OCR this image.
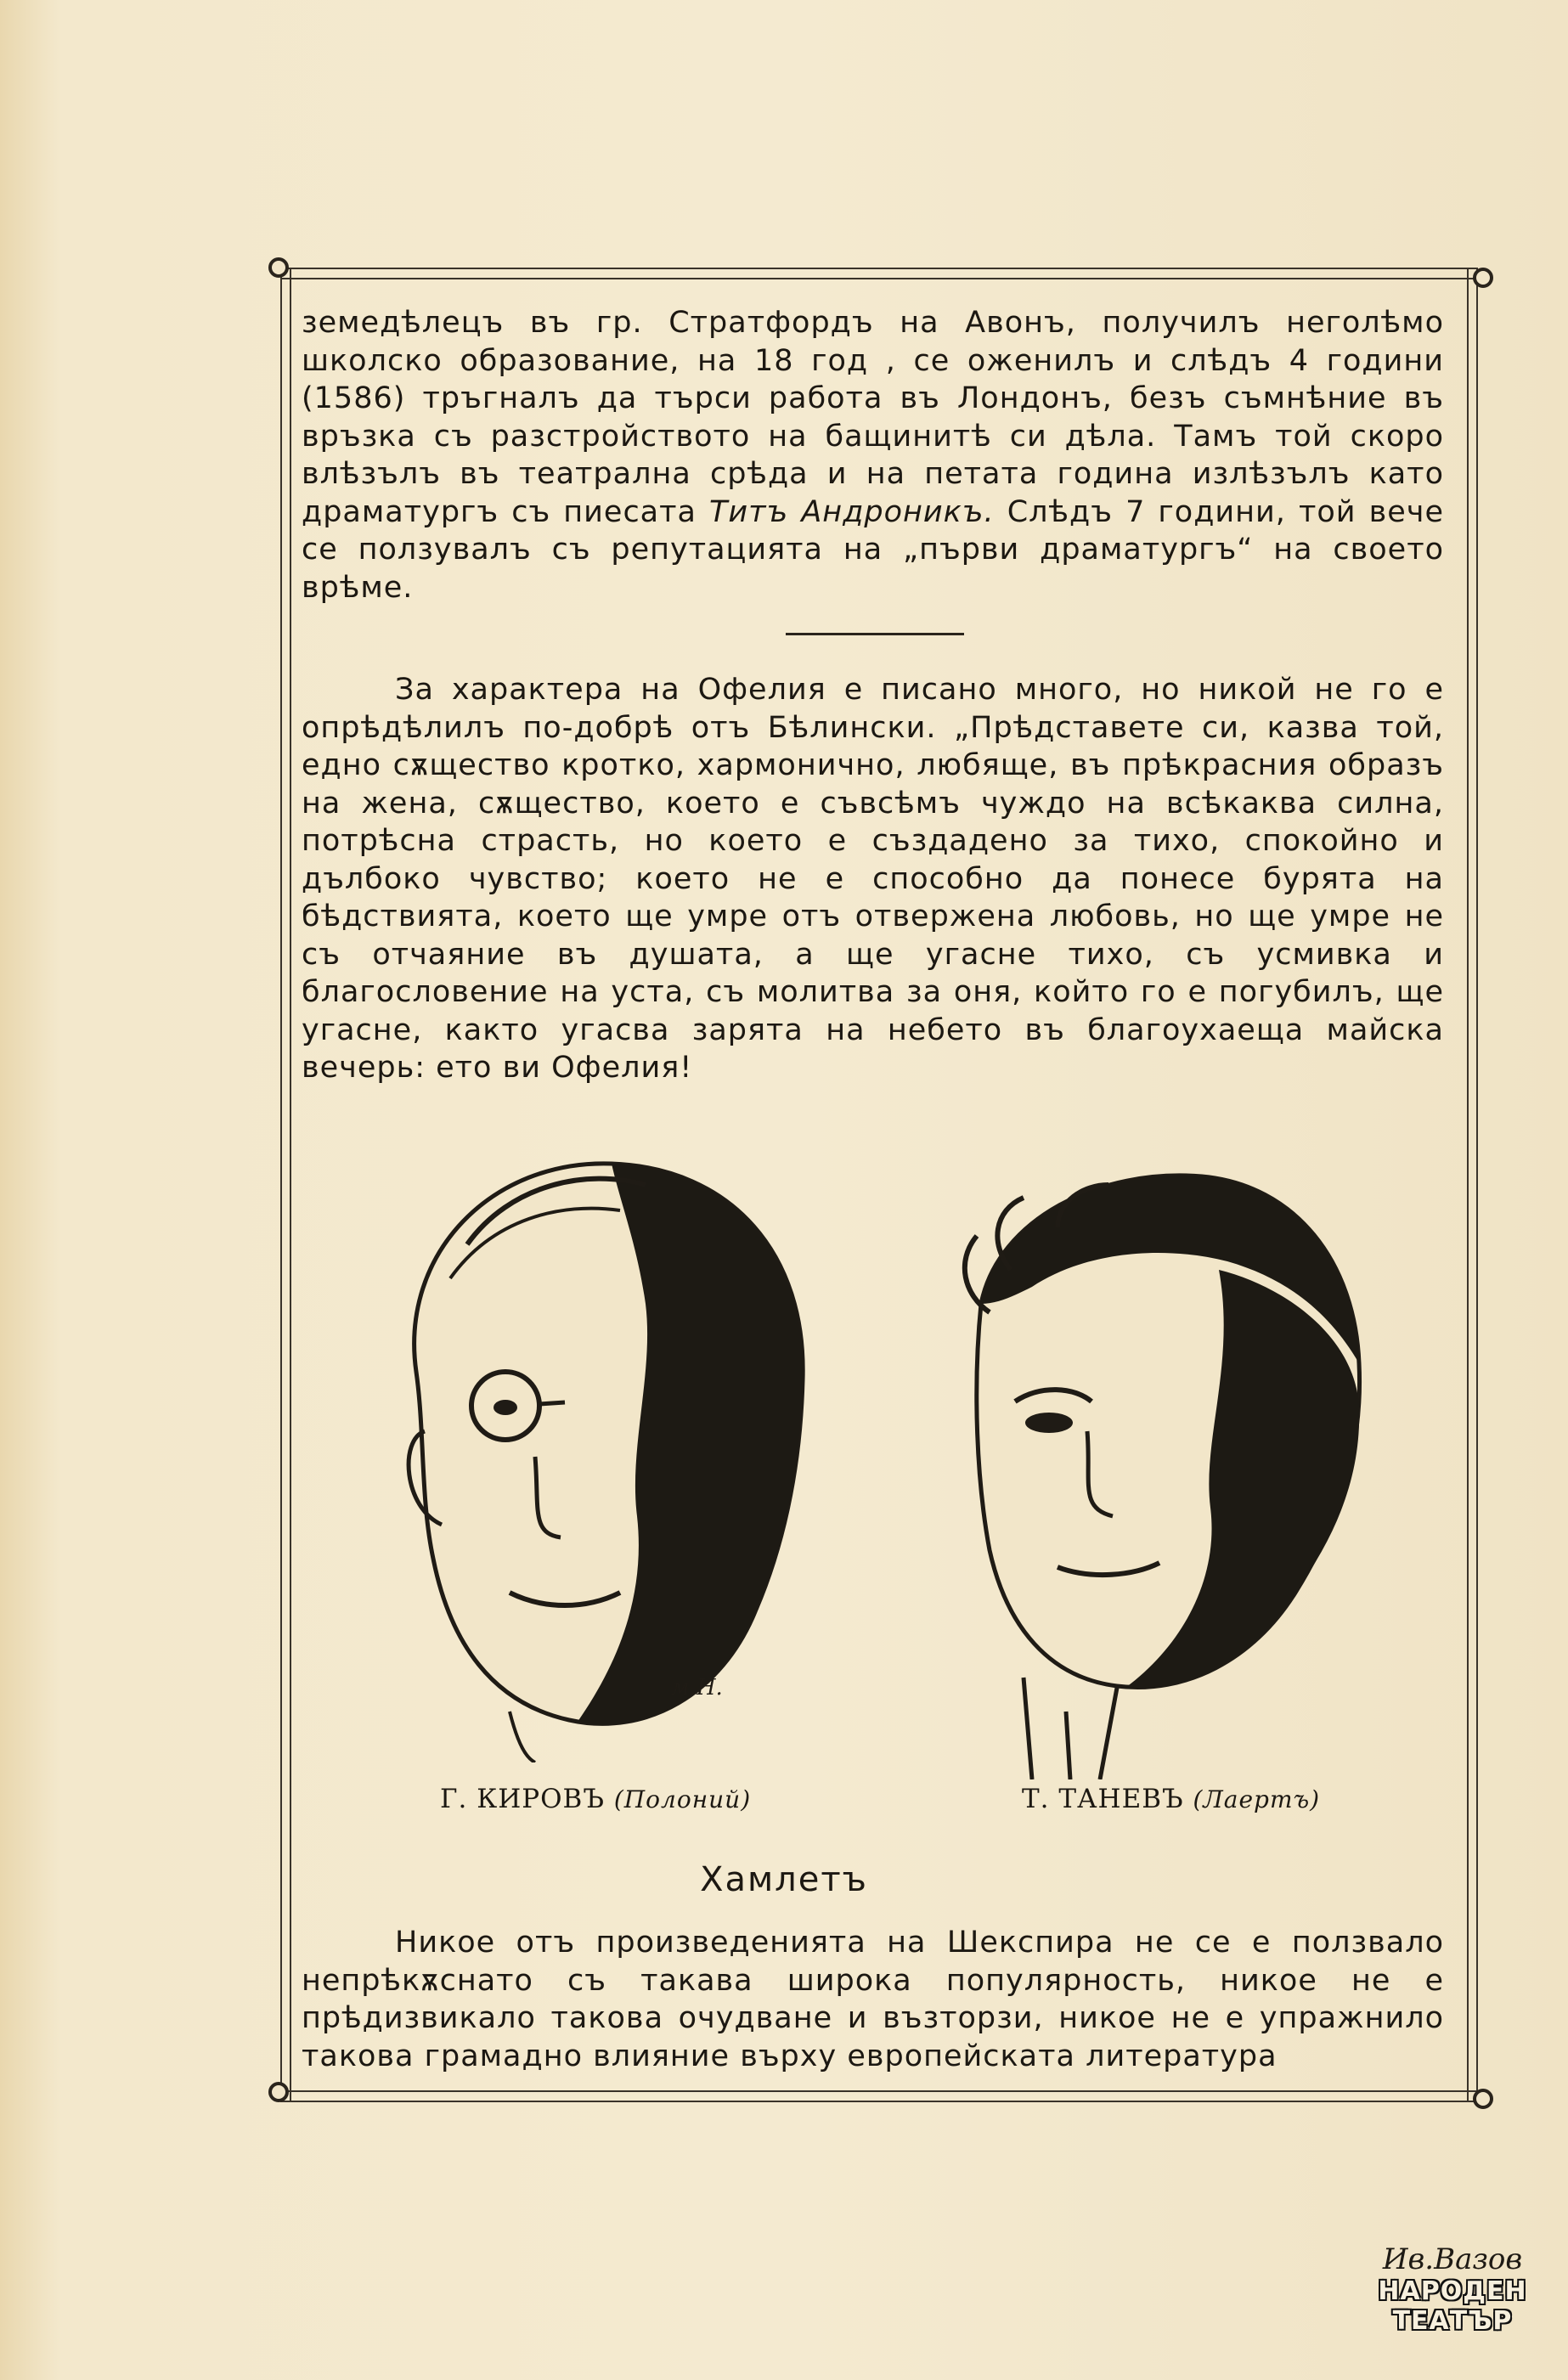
земедѣлецъ въ гр. Стратфордъ на Авонъ, получилъ неголѣмо школско образование, на 18 год , се оженилъ и слѣдъ 4 години (1586) тръгналъ да търси работа въ Лондонъ, безъ съмнѣние въ връзка съ разстройството на бащинитѣ си дѣла. Тамъ той скоро влѣзълъ въ театрална срѣда и на петата година излѣзълъ като драматургъ съ пиесата Титъ Андроникъ. Слѣдъ 7 години, той вече се ползувалъ съ репутацията на „първи драматургъ“ на своето врѣме.
За характера на Офелия е писано много, но никой не го е опрѣдѣлилъ по-добрѣ отъ Бѣлински. „Прѣдставете си, казва той, едно сѫщество кротко, хармонично, любяще, въ прѣкрасния образъ на жена, сѫщество, което е съвсѣмъ чуждо на всѣкаква силна, потрѣсна страсть, но което е създадено за тихо, спокойно и дълбоко чувство; което не е способно да понесе бурята на бѣдствията, което ще умре отъ отвержена любовь, но ще умре не съ отчаяние въ душата, а ще угасне тихо, съ усмивка и благословение на уста, съ молитва за оня, който го е погубилъ, ще угасне, както угасва зарята на небето въ благоухаеща майска вечерь: ето ви Офелия!
м.Н.
Г. КИРОВЪ (Полоний)	Т. ТАНЕВЪ (Лаертъ)
Хамлетъ
Никое отъ произведенията на Шекспира не се е ползвало непрѣкѫснато съ такава широка популярность, никое не е прѣдизвикало такова очудване и възторзи, никое не е упражнило такова грамадно влияние върху европейската литература
Ив.Вазов
НАРОДЕН
ТЕАТЪР
